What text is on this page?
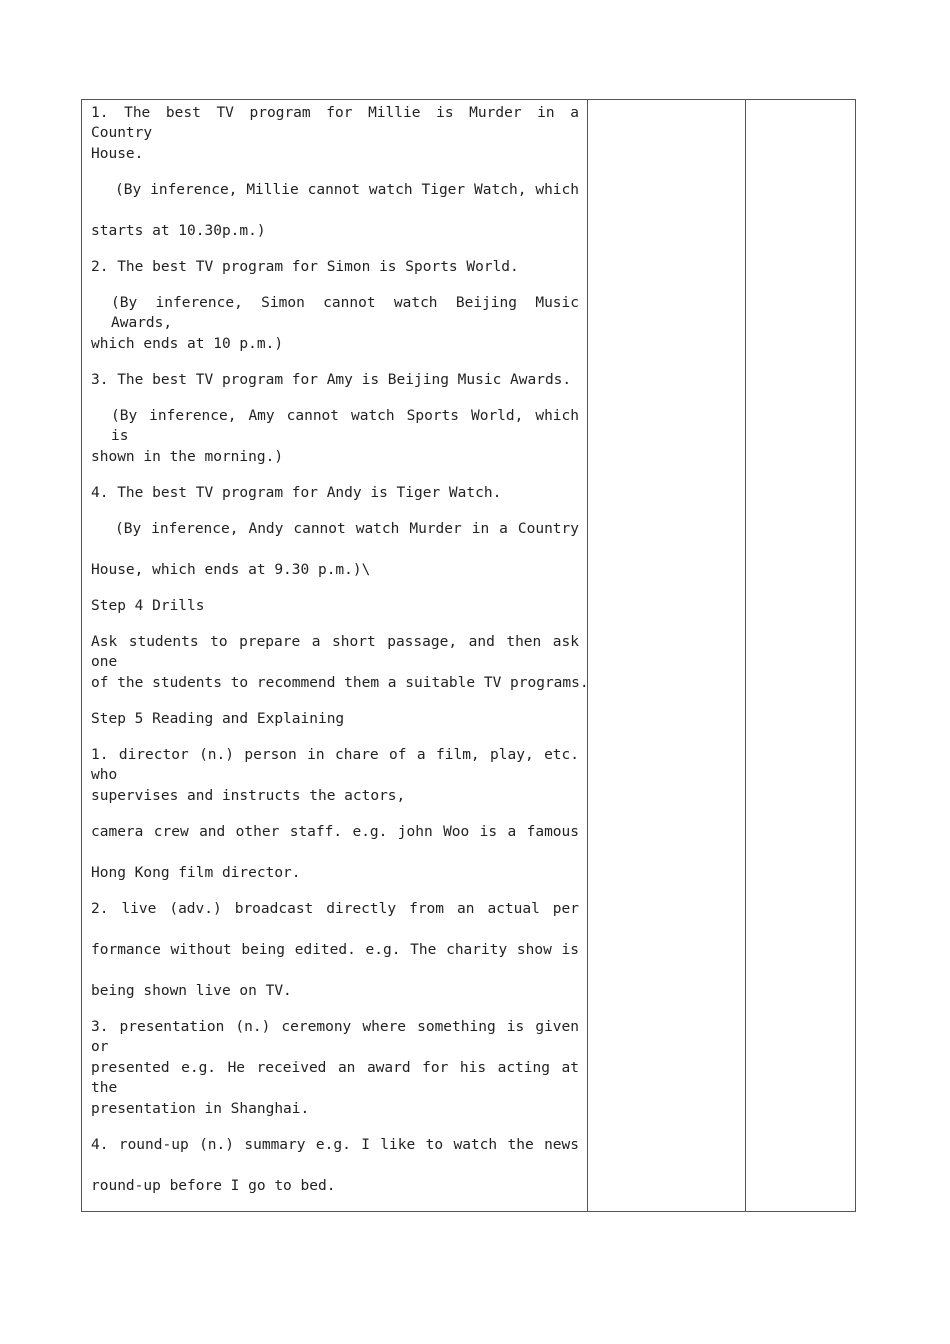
1. The best TV program for Millie is Murder in a Country
House.
(By inference, Millie cannot watch Tiger Watch, which
starts at 10.30p.m.)
2. The best TV program for Simon is Sports World.
(By inference, Simon cannot watch Beijing Music Awards,
which ends at 10 p.m.)
3. The best TV program for Amy is Beijing Music Awards.
(By inference, Amy cannot watch Sports World, which is
shown in the morning.)
4. The best TV program for Andy is Tiger Watch.
(By inference, Andy cannot watch Murder in a Country
House, which ends at 9.30 p.m.)\
Step 4 Drills
Ask students to prepare a short passage, and then ask one
of the students to recommend them a suitable TV programs.
Step 5 Reading and Explaining
1. director (n.) person in chare of a film, play, etc. who
supervises and instructs the actors,
camera crew and other staff. e.g. john Woo is a famous
Hong Kong film director.
2. live (adv.) broadcast directly from an actual per
formance without being edited. e.g. The charity show is
being shown live on TV.
3. presentation (n.) ceremony where something is given or
presented e.g. He received an award for his acting at the
presentation in Shanghai.
4. round-up (n.) summary e.g. I like to watch the news
round-up before I go to bed.
